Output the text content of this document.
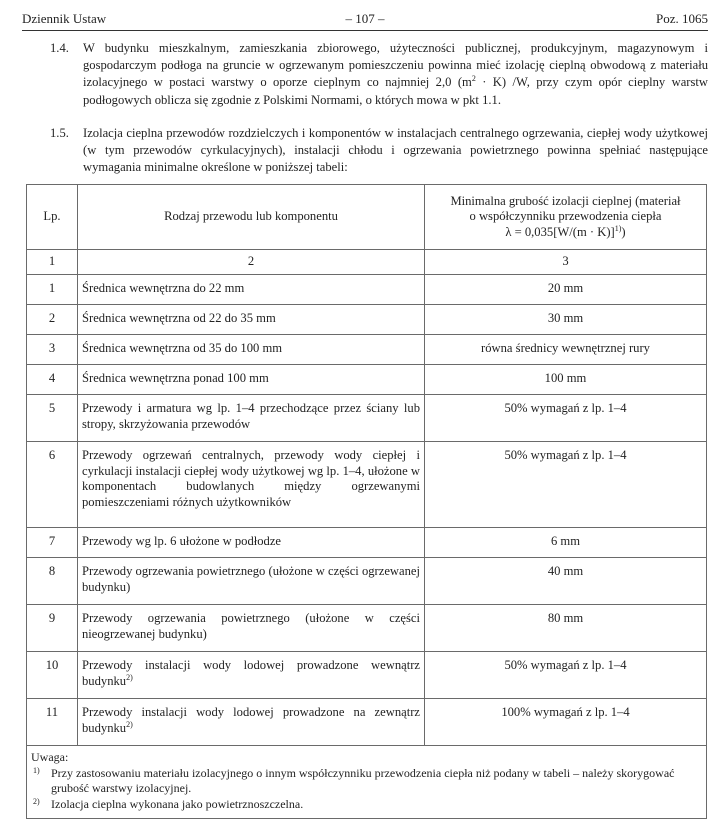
Dziennik Ustaw	– 107 –	Poz. 1065
1.4. W budynku mieszkalnym, zamieszkania zbiorowego, użyteczności publicznej, produkcyjnym, magazynowym i gospodarczym podłoga na gruncie w ogrzewanym pomieszczeniu powinna mieć izolację cieplną obwodową z materiału izolacyjnego w postaci warstwy o oporze cieplnym co najmniej 2,0 $(m^2 \cdot K)$ /W, przy czym opór cieplny warstw podłogowych oblicza się zgodnie z Polskimi Normami, o których mowa w pkt 1.1.
1.5. Izolacja cieplna przewodów rozdzielczych i komponentów w instalacjach centralnego ogrzewania, ciepłej wody użytkowej (w tym przewodów cyrkulacyjnych), instalacji chłodu i ogrzewania powietrznego powinna spełniać następujące wymagania minimalne określone w poniższej tabeli:
Lp.	Rodzaj przewodu lub komponentu	Minimalna grubość izolacji cieplnej (materiał
o współczynniku przewodzenia ciepła
λ = 0,035[W/(m · K)]$^{1)}$)
1	2	3
1	Średnica wewnętrzna do 22 mm	20 mm
2	Średnica wewnętrzna od 22 do 35 mm	30 mm
3	Średnica wewnętrzna od 35 do 100 mm	równa średnicy wewnętrznej rury
4	Średnica wewnętrzna ponad 100 mm	100 mm
5	Przewody i armatura wg lp. 1–4 przechodzące przez ściany lub stropy, skrzyżowania przewodów	50% wymagań z lp. 1–4
6	Przewody ogrzewań centralnych, przewody wody ciepłej i cyrkulacji instalacji ciepłej wody użytkowej wg lp. 1–4, ułożone w komponentach budowlanych między ogrzewanymi pomieszczeniami różnych użytkowników	50% wymagań z lp. 1–4
7	Przewody wg lp. 6 ułożone w podłodze	6 mm
8	Przewody ogrzewania powietrznego (ułożone w części ogrzewanej budynku)	40 mm
9	Przewody ogrzewania powietrznego (ułożone w części nieogrzewanej budynku)	80 mm
10	Przewody instalacji wody lodowej prowadzone wewnątrz budynku$^{2)}$	50% wymagań z lp. 1–4
11	Przewody instalacji wody lodowej prowadzone na zewnątrz budynku$^{2)}$	100% wymagań z lp. 1–4

Uwaga:
1) Przy zastosowaniu materiału izolacyjnego o innym współczynniku przewodzenia ciepła niż podany w tabeli – należy skorygować grubość warstwy izolacyjnej.
2) Izolacja cieplna wykonana jako powietrznoszczelna.		
